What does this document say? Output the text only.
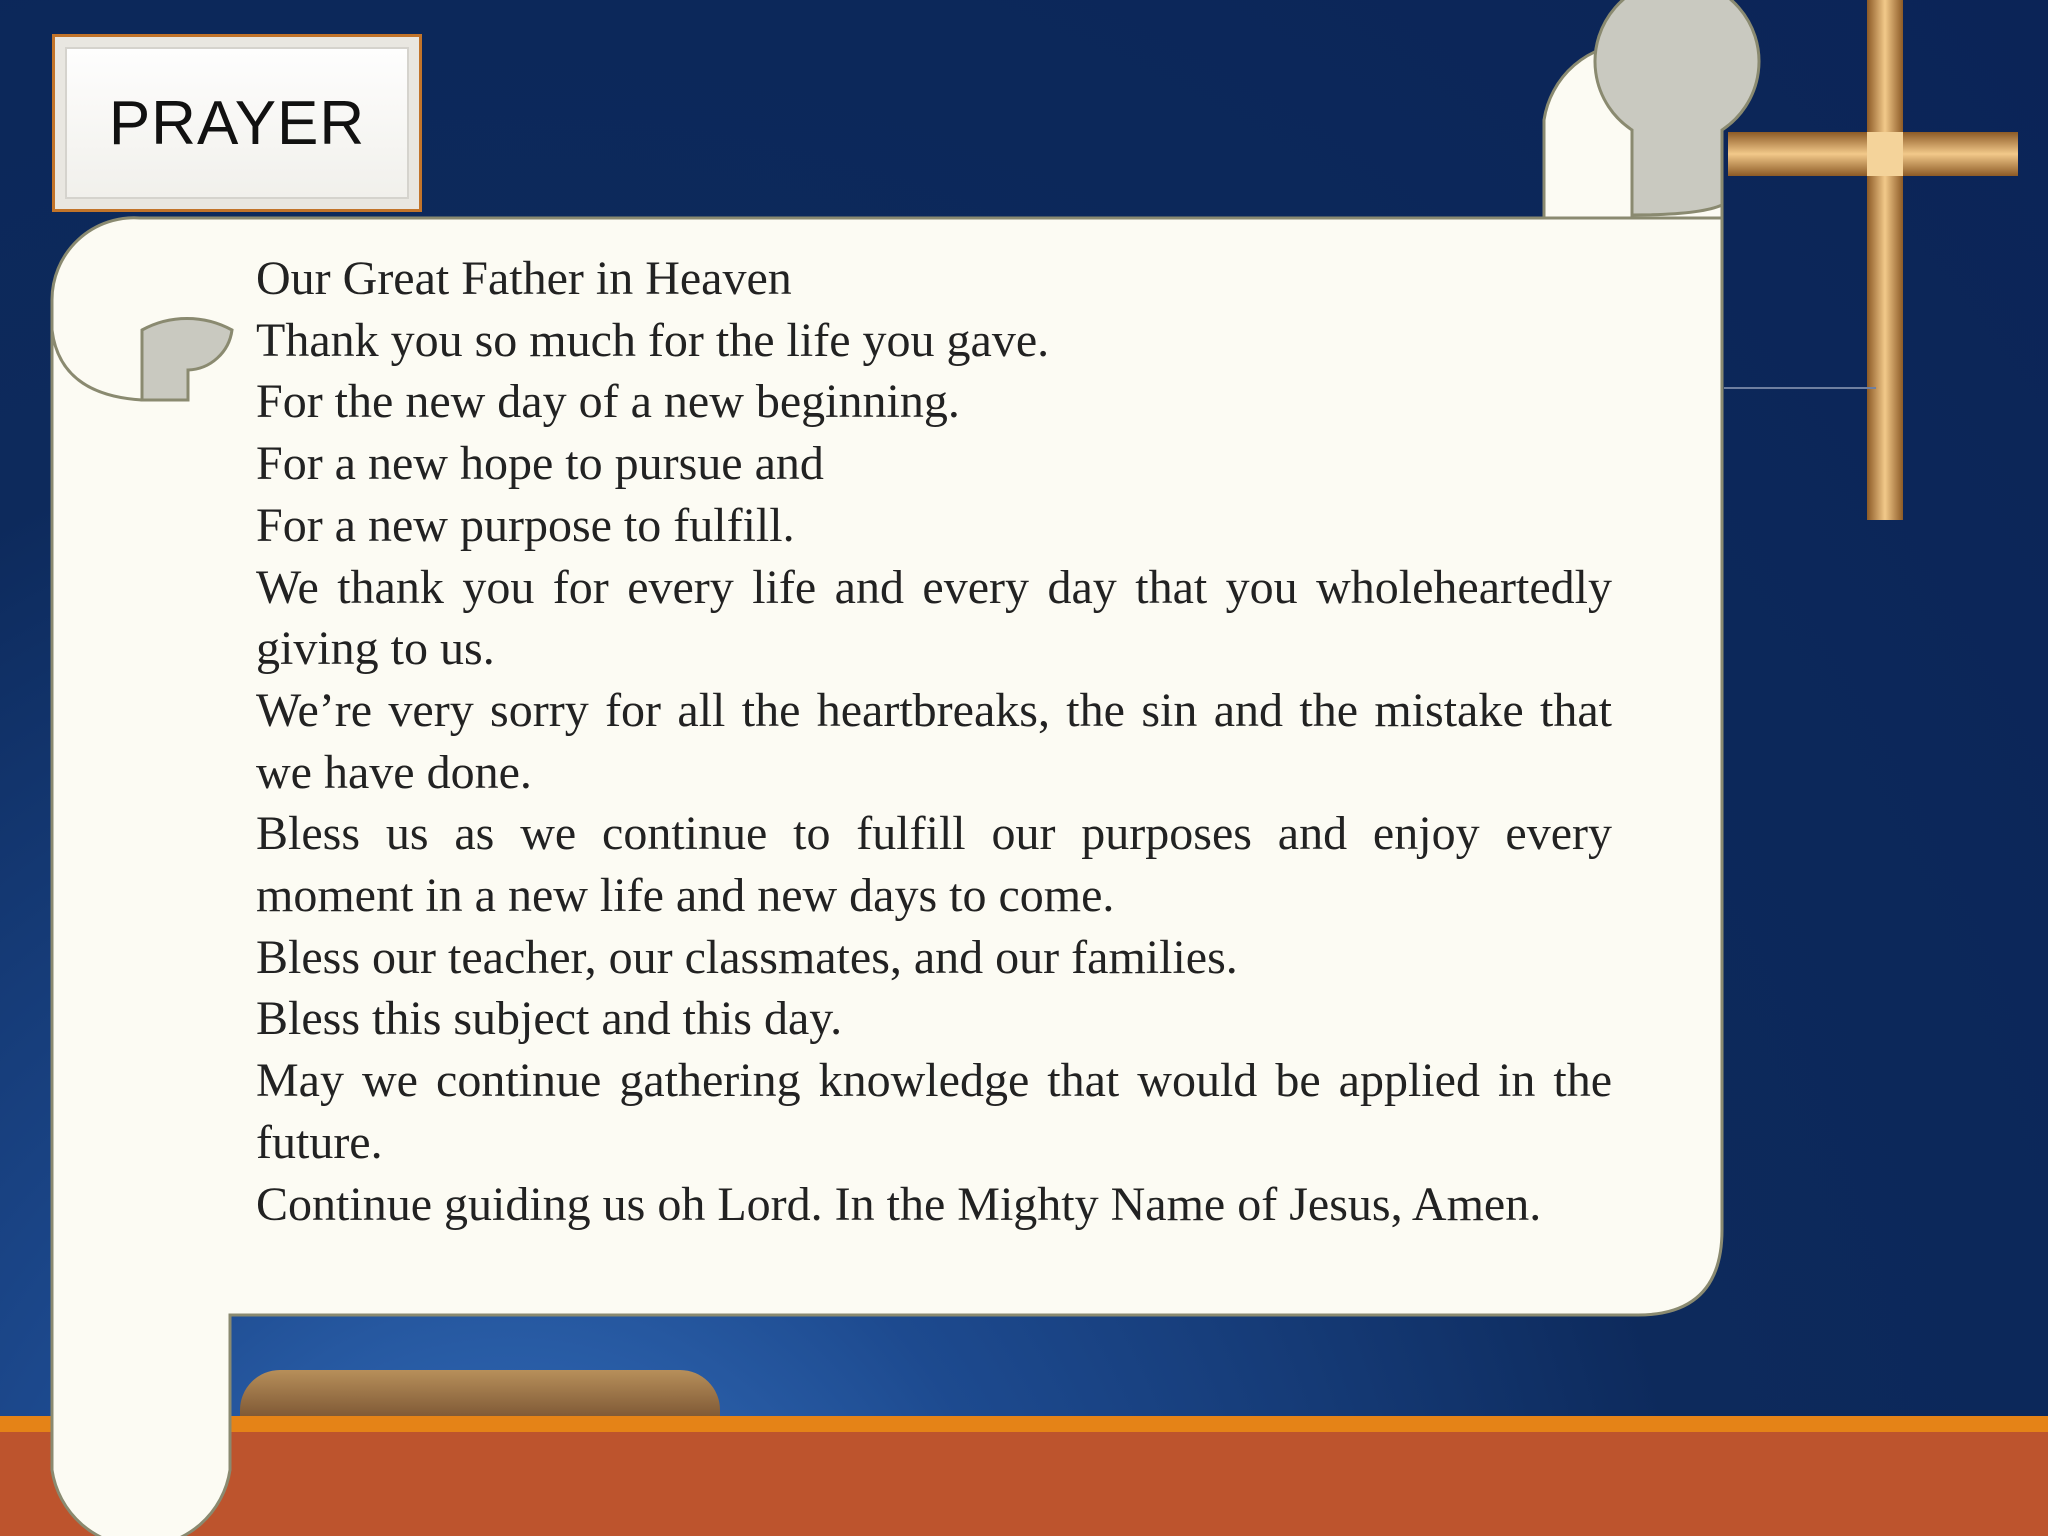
PRAYER
Our Great Father in Heaven
Thank you so much for the life you gave.
For the new day of a new beginning.
For a new hope to pursue and
For a new purpose to fulfill.
We thank you for every life and every day that you wholeheartedly giving to us.
We’re very sorry for all the heartbreaks, the sin and the mistake that we have done.
Bless us as we continue to fulfill our purposes and enjoy every moment in a new life and new days to come.
Bless our teacher, our classmates, and our families.
Bless this subject and this day.
May we continue gathering knowledge that would be applied in the future.
Continue guiding us oh Lord. In the Mighty Name of Jesus, Amen.
